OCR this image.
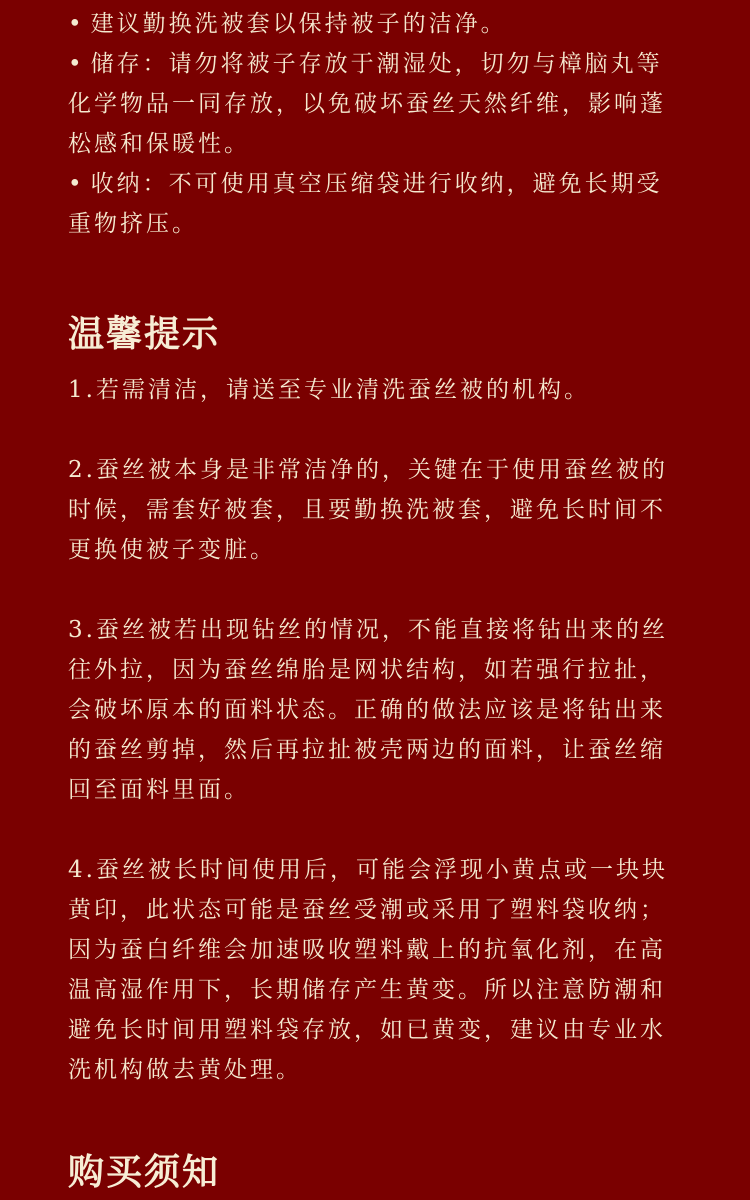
• 建议勤换洗被套以保持被子的洁净。
• 储存：请勿将被子存放于潮湿处，切勿与樟脑丸等化学物品一同存放，以免破坏蚕丝天然纤维，影响蓬松感和保暖性。
• 收纳：不可使用真空压缩袋进行收纳，避免长期受重物挤压。
温馨提示

1.若需清洁，请送至专业清洗蚕丝被的机构。

2.蚕丝被本身是非常洁净的，关键在于使用蚕丝被的时候，需套好被套，且要勤换洗被套，避免长时间不更换使被子变脏。

3.蚕丝被若出现钻丝的情况，不能直接将钻出来的丝往外拉，因为蚕丝绵胎是网状结构，如若强行拉扯，会破坏原本的面料状态。正确的做法应该是将钻出来的蚕丝剪掉，然后再拉扯被壳两边的面料，让蚕丝缩回至面料里面。

4.蚕丝被长时间使用后，可能会浮现小黄点或一块块黄印，此状态可能是蚕丝受潮或采用了塑料袋收纳；因为蚕白纤维会加速吸收塑料戴上的抗氧化剂，在高温高湿作用下，长期储存产生黄变。所以注意防潮和避免长时间用塑料袋存放，如已黄变，建议由专业水洗机构做去黄处理。

购买须知
